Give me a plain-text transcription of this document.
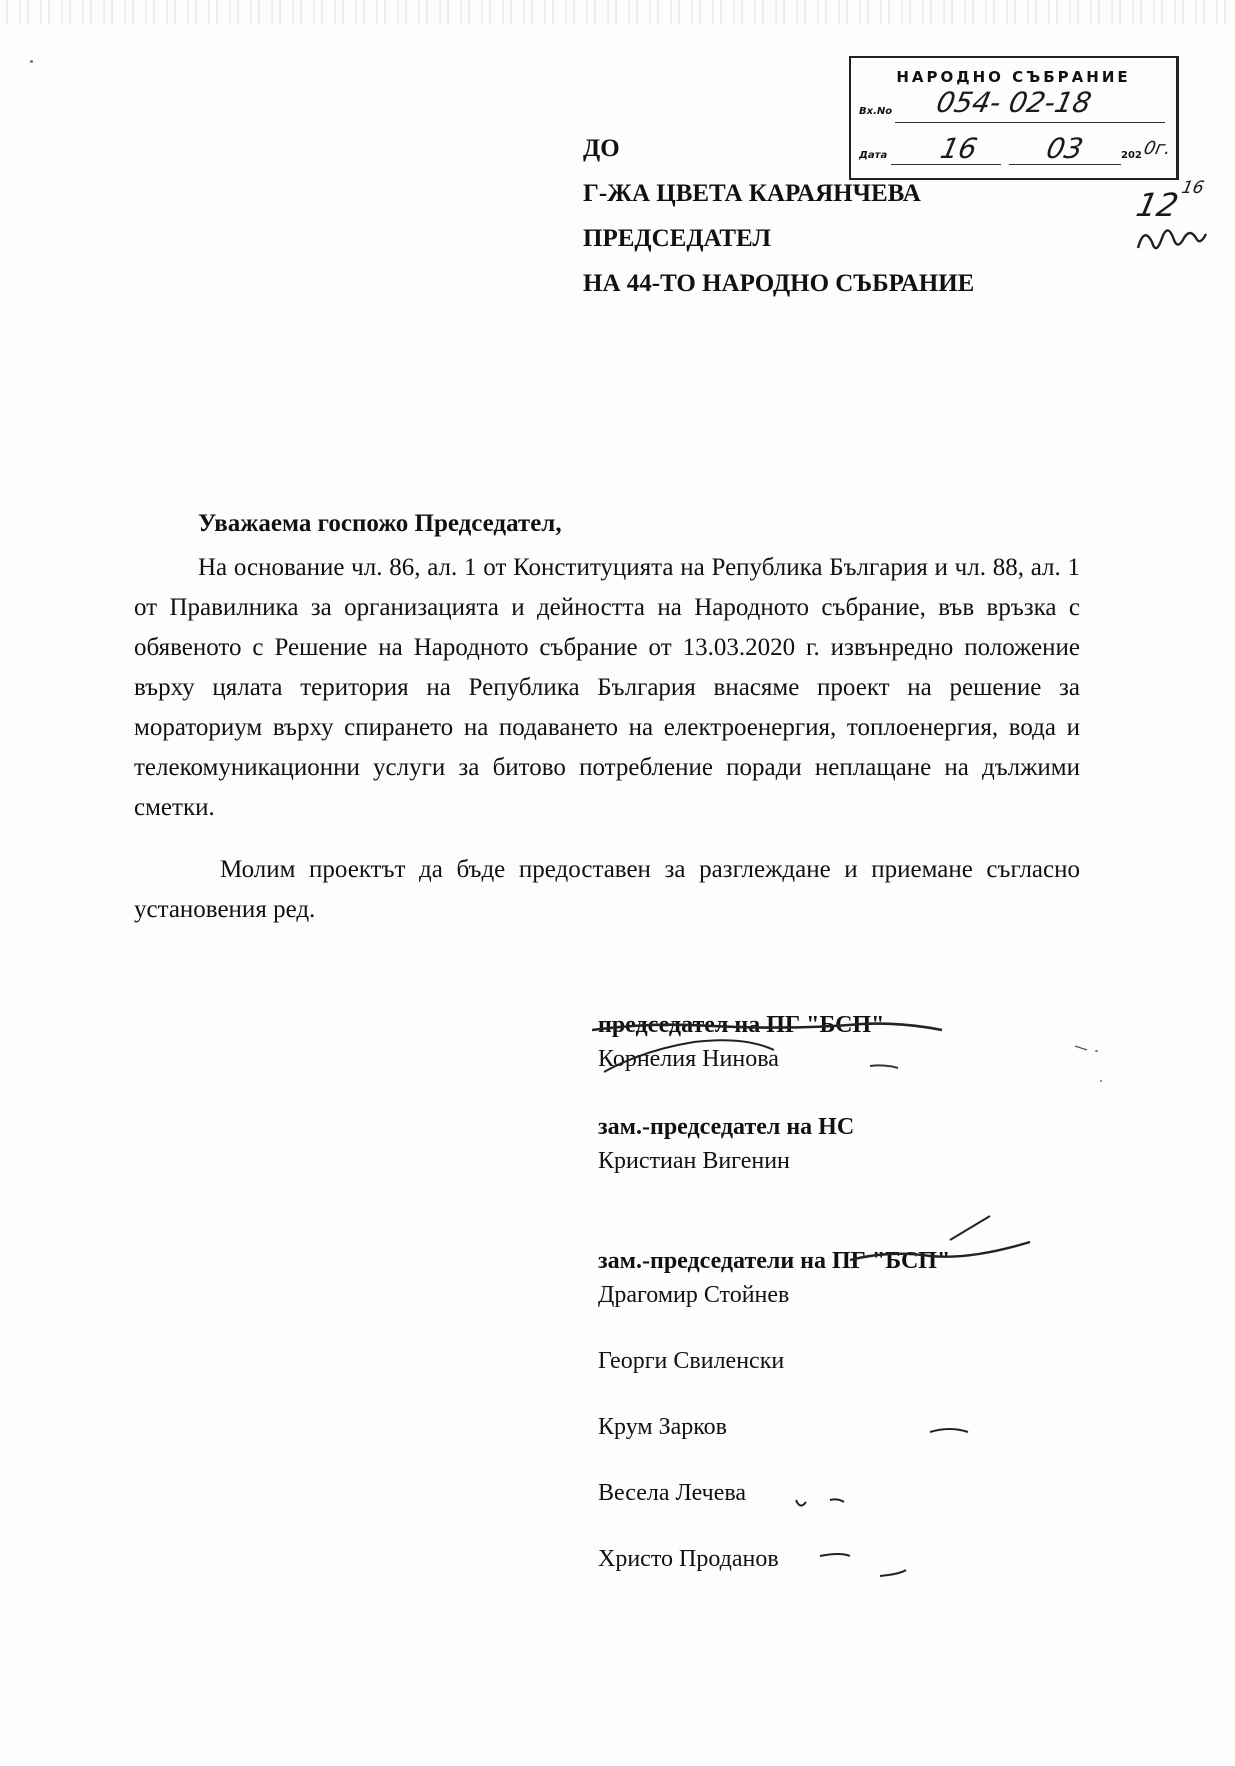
НАРОДНО СЪБРАНИЕ
Вх.No 054- 02-18
Дата 16 03	202 0г.
12
16
ДО
Г-ЖА ЦВЕТА КАРАЯНЧЕВА
ПРЕДСЕДАТЕЛ
НА 44-ТО НАРОДНО СЪБРАНИЕ
Уважаема госпожо Председател,
На основание чл. 86, ал. 1 от Конституцията на Република България и чл. 88, ал. 1 от Правилника за организацията и дейността на Народното събрание, във връзка с обявеното с Решение на Народното събрание от 13.03.2020 г. извънредно положение върху цялата територия на Република България внасяме проект на решение за мораториум върху спирането на подаването на електроенергия, топлоенергия, вода и телекомуникационни услуги за битово потребление поради неплащане на дължими сметки.
Молим проектът да бъде предоставен за разглеждане и приемане съгласно установения ред.
председател на ПГ "БСП"
Корнелия Нинова
зам.-председател на НС
Кристиан Вигенин
зам.-председатели на ПГ "БСП"
Драгомир Стойнев
Георги Свиленски
Крум Зарков
Весела Лечева
Христо Проданов
